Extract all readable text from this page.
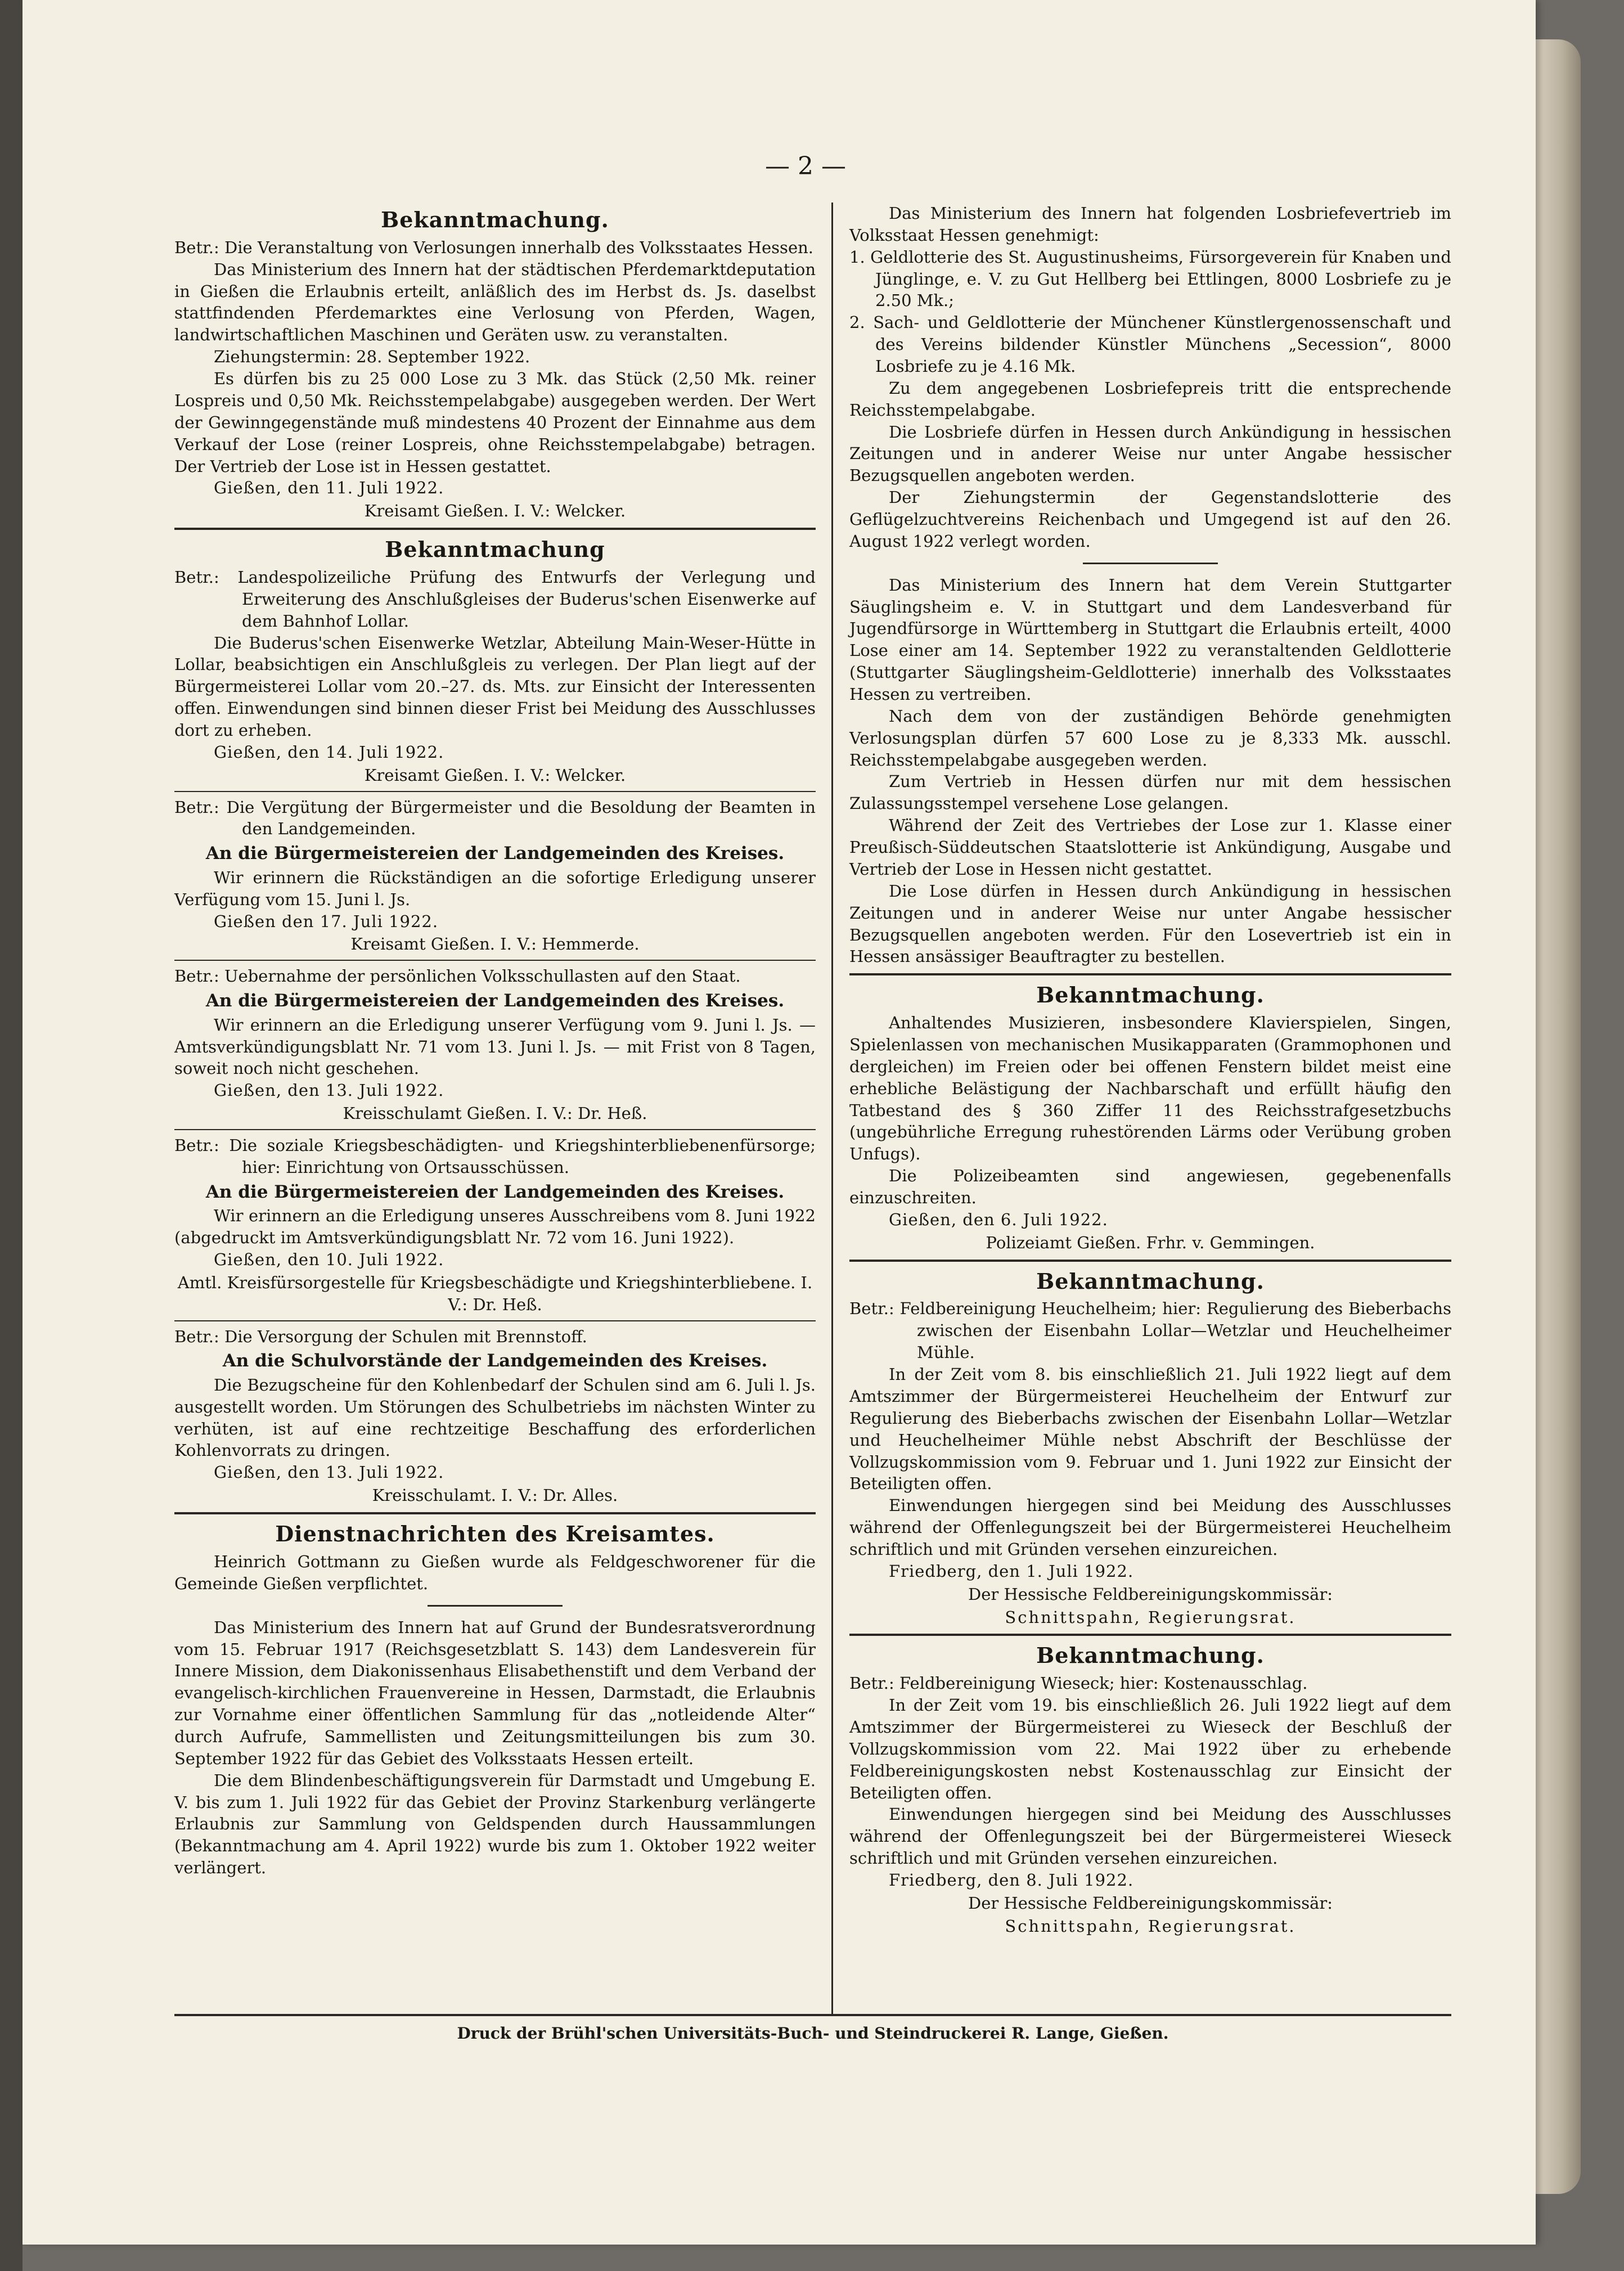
— 2 —
Bekanntmachung.

Betr.: Die Veranstaltung von Verlosungen innerhalb des Volksstaates Hessen.

Das Ministerium des Innern hat der städtischen Pferdemarktdeputation in Gießen die Erlaubnis erteilt, anläßlich des im Herbst ds. Js. daselbst stattfindenden Pferdemarktes eine Verlosung von Pferden, Wagen, landwirtschaftlichen Maschinen und Geräten usw. zu veranstalten.

Ziehungstermin: 28. September 1922.

Es dürfen bis zu 25 000 Lose zu 3 Mk. das Stück (2,50 Mk. reiner Lospreis und 0,50 Mk. Reichsstempelabgabe) ausgegeben werden. Der Wert der Gewinngegenstände muß mindestens 40 Prozent der Einnahme aus dem Verkauf der Lose (reiner Lospreis, ohne Reichsstempelabgabe) betragen. Der Vertrieb der Lose ist in Hessen gestattet.

Gießen, den 11. Juli 1922.

Kreisamt Gießen. I. V.: Welcker.

Bekanntmachung

Betr.: Landespolizeiliche Prüfung des Entwurfs der Verlegung und Erweiterung des Anschlußgleises der Buderus'schen Eisenwerke auf dem Bahnhof Lollar.

Die Buderus'schen Eisenwerke Wetzlar, Abteilung Main-Weser-Hütte in Lollar, beabsichtigen ein Anschlußgleis zu verlegen. Der Plan liegt auf der Bürgermeisterei Lollar vom 20.–27. ds. Mts. zur Einsicht der Interessenten offen. Einwendungen sind binnen dieser Frist bei Meidung des Ausschlusses dort zu erheben.

Gießen, den 14. Juli 1922.

Kreisamt Gießen. I. V.: Welcker.

Betr.: Die Vergütung der Bürgermeister und die Besoldung der Beamten in den Landgemeinden.

An die Bürgermeistereien der Landgemeinden des Kreises.

Wir erinnern die Rückständigen an die sofortige Erledigung unserer Verfügung vom 15. Juni l. Js.

Gießen den 17. Juli 1922.

Kreisamt Gießen. I. V.: Hemmerde.

Betr.: Uebernahme der persönlichen Volksschullasten auf den Staat.

An die Bürgermeistereien der Landgemeinden des Kreises.

Wir erinnern an die Erledigung unserer Verfügung vom 9. Juni l. Js. — Amtsverkündigungsblatt Nr. 71 vom 13. Juni l. Js. — mit Frist von 8 Tagen, soweit noch nicht geschehen.

Gießen, den 13. Juli 1922.

Kreisschulamt Gießen. I. V.: Dr. Heß.

Betr.: Die soziale Kriegsbeschädigten- und Kriegshinterbliebenenfürsorge; hier: Einrichtung von Ortsausschüssen.

An die Bürgermeistereien der Landgemeinden des Kreises.

Wir erinnern an die Erledigung unseres Ausschreibens vom 8. Juni 1922 (abgedruckt im Amtsverkündigungsblatt Nr. 72 vom 16. Juni 1922).

Gießen, den 10. Juli 1922.

Amtl. Kreisfürsorgestelle für Kriegsbeschädigte und Kriegshinterbliebene. I. V.: Dr. Heß.

Betr.: Die Versorgung der Schulen mit Brennstoff.

An die Schulvorstände der Landgemeinden des Kreises.

Die Bezugscheine für den Kohlenbedarf der Schulen sind am 6. Juli l. Js. ausgestellt worden. Um Störungen des Schulbetriebs im nächsten Winter zu verhüten, ist auf eine rechtzeitige Beschaffung des erforderlichen Kohlenvorrats zu dringen.

Gießen, den 13. Juli 1922.

Kreisschulamt. I. V.: Dr. Alles.

Dienstnachrichten des Kreisamtes.

Heinrich Gottmann zu Gießen wurde als Feldgeschworener für die Gemeinde Gießen verpflichtet.

Das Ministerium des Innern hat auf Grund der Bundesratsverordnung vom 15. Februar 1917 (Reichsgesetzblatt S. 143) dem Landesverein für Innere Mission, dem Diakonissenhaus Elisabethenstift und dem Verband der evangelisch-kirchlichen Frauenvereine in Hessen, Darmstadt, die Erlaubnis zur Vornahme einer öffentlichen Sammlung für das „notleidende Alter“ durch Aufrufe, Sammellisten und Zeitungsmitteilungen bis zum 30. September 1922 für das Gebiet des Volksstaats Hessen erteilt.

Die dem Blindenbeschäftigungsverein für Darmstadt und Umgebung E. V. bis zum 1. Juli 1922 für das Gebiet der Provinz Starkenburg verlängerte Erlaubnis zur Sammlung von Geldspenden durch Haussammlungen (Bekanntmachung am 4. April 1922) wurde bis zum 1. Oktober 1922 weiter verlängert.

Das Ministerium des Innern hat folgenden Losbriefevertrieb im Volksstaat Hessen genehmigt:

1. Geldlotterie des St. Augustinusheims, Fürsorgeverein für Knaben und Jünglinge, e. V. zu Gut Hellberg bei Ettlingen, 8000 Losbriefe zu je 2.50 Mk.;

2. Sach- und Geldlotterie der Münchener Künstlergenossenschaft und des Vereins bildender Künstler Münchens „Secession“, 8000 Losbriefe zu je 4.16 Mk.

Zu dem angegebenen Losbriefepreis tritt die entsprechende Reichsstempelabgabe.

Die Losbriefe dürfen in Hessen durch Ankündigung in hessischen Zeitungen und in anderer Weise nur unter Angabe hessischer Bezugsquellen angeboten werden.

Der Ziehungstermin der Gegenstandslotterie des Geflügelzuchtvereins Reichenbach und Umgegend ist auf den 26. August 1922 verlegt worden.

Das Ministerium des Innern hat dem Verein Stuttgarter Säuglingsheim e. V. in Stuttgart und dem Landesverband für Jugendfürsorge in Württemberg in Stuttgart die Erlaubnis erteilt, 4000 Lose einer am 14. September 1922 zu veranstaltenden Geldlotterie (Stuttgarter Säuglingsheim-Geldlotterie) innerhalb des Volksstaates Hessen zu vertreiben.

Nach dem von der zuständigen Behörde genehmigten Verlosungsplan dürfen 57 600 Lose zu je 8,333 Mk. ausschl. Reichsstempelabgabe ausgegeben werden.

Zum Vertrieb in Hessen dürfen nur mit dem hessischen Zulassungsstempel versehene Lose gelangen.

Während der Zeit des Vertriebes der Lose zur 1. Klasse einer Preußisch-Süddeutschen Staatslotterie ist Ankündigung, Ausgabe und Vertrieb der Lose in Hessen nicht gestattet.

Die Lose dürfen in Hessen durch Ankündigung in hessischen Zeitungen und in anderer Weise nur unter Angabe hessischer Bezugsquellen angeboten werden. Für den Losevertrieb ist ein in Hessen ansässiger Beauftragter zu bestellen.

Bekanntmachung.

Anhaltendes Musizieren, insbesondere Klavierspielen, Singen, Spielenlassen von mechanischen Musikapparaten (Grammophonen und dergleichen) im Freien oder bei offenen Fenstern bildet meist eine erhebliche Belästigung der Nachbarschaft und erfüllt häufig den Tatbestand des § 360 Ziffer 11 des Reichsstrafgesetzbuchs (ungebührliche Erregung ruhestörenden Lärms oder Verübung groben Unfugs).

Die Polizeibeamten sind angewiesen, gegebenenfalls einzuschreiten.

Gießen, den 6. Juli 1922.

Polizeiamt Gießen. Frhr. v. Gemmingen.

Bekanntmachung.

Betr.: Feldbereinigung Heuchelheim; hier: Regulierung des Bieberbachs zwischen der Eisenbahn Lollar—Wetzlar und Heuchelheimer Mühle.

In der Zeit vom 8. bis einschließlich 21. Juli 1922 liegt auf dem Amtszimmer der Bürgermeisterei Heuchelheim der Entwurf zur Regulierung des Bieberbachs zwischen der Eisenbahn Lollar—Wetzlar und Heuchelheimer Mühle nebst Abschrift der Beschlüsse der Vollzugskommission vom 9. Februar und 1. Juni 1922 zur Einsicht der Beteiligten offen.

Einwendungen hiergegen sind bei Meidung des Ausschlusses während der Offenlegungszeit bei der Bürgermeisterei Heuchelheim schriftlich und mit Gründen versehen einzureichen.

Friedberg, den 1. Juli 1922.

Der Hessische Feldbereinigungskommissär:

Schnittspahn, Regierungsrat.

Bekanntmachung.

Betr.: Feldbereinigung Wieseck; hier: Kostenausschlag.

In der Zeit vom 19. bis einschließlich 26. Juli 1922 liegt auf dem Amtszimmer der Bürgermeisterei zu Wieseck der Beschluß der Vollzugskommission vom 22. Mai 1922 über zu erhebende Feldbereinigungskosten nebst Kostenausschlag zur Einsicht der Beteiligten offen.

Einwendungen hiergegen sind bei Meidung des Ausschlusses während der Offenlegungszeit bei der Bürgermeisterei Wieseck schriftlich und mit Gründen versehen einzureichen.

Friedberg, den 8. Juli 1922.

Der Hessische Feldbereinigungskommissär:

Schnittspahn, Regierungsrat.

Druck der Brühl'schen Universitäts-Buch- und Steindruckerei R. Lange, Gießen.
